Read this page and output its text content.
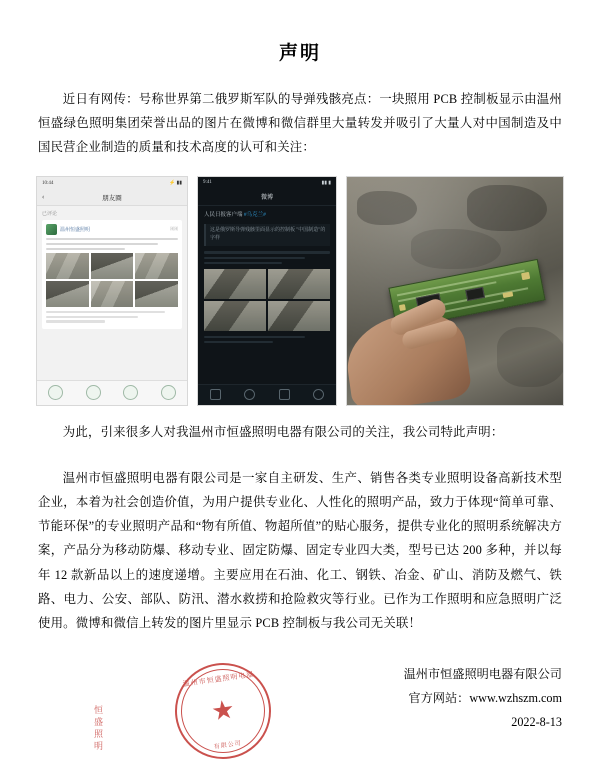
声明

近日有网传：号称世界第二俄罗斯军队的导弹残骸亮点：一块照用 PCB 控制板显示由温州恒盛绿色照明集团荣誉出品的图片在微博和微信群里大量转发并吸引了大量人对中国制造及中国民营企业制造的质量和技术高度的认可和关注：

10:44	⚡ ▮▮
‹	朋友圈
已评论
温州恒盛照明	刚刚
9:41	▮▮ ▮
微博
人民日报客户端 #乌克兰#
这是俄罗斯导弹残骸里面显示的控制板 "中国制造"的字样

为此，引来很多人对我温州市恒盛照明电器有限公司的关注，我公司特此声明：

温州市恒盛照明电器有限公司是一家自主研发、生产、销售各类专业照明设备高新技术型企业，本着为社会创造价值，为用户提供专业化、人性化的照明产品，致力于体现“简单可靠、节能环保”的专业照明产品和“物有所值、物超所值”的贴心服务，提供专业化的照明系统解决方案，产品分为移动防爆、移动专业、固定防爆、固定专业四大类，型号已达 200 多种，并以每年 12 款新品以上的速度递增。主要应用在石油、化工、钢铁、冶金、矿山、消防及燃气、铁路、电力、公安、部队、防汛、潜水救捞和抢险救灾等行业。已作为工作照明和应急照明广泛使用。微博和微信上转发的图片里显示 PCB 控制板与我公司无关联！

温州市恒盛照明电器有限公司
官方网站：www.wzhszm.com
2022-8-13
恒盛照明
温州市恒盛照明电器
★
有限公司
